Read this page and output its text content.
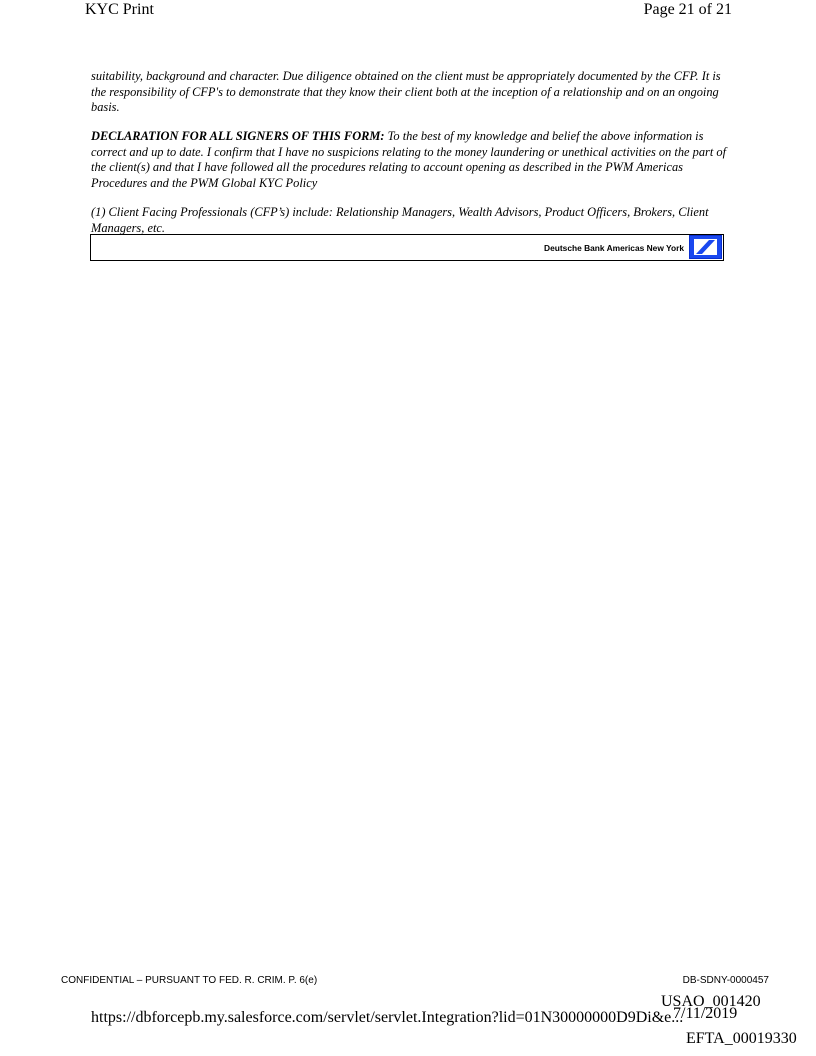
KYC Print	Page 21 of 21
suitability, background and character. Due diligence obtained on the client must be appropriately documented by the CFP. It is the responsibility of CFP's to demonstrate that they know their client both at the inception of a relationship and on an ongoing basis.
DECLARATION FOR ALL SIGNERS OF THIS FORM: To the best of my knowledge and belief the above information is correct and up to date. I confirm that I have no suspicions relating to the money laundering or unethical activities on the part of the client(s) and that I have followed all the procedures relating to account opening as described in the PWM Americas Procedures and the PWM Global KYC Policy
(1) Client Facing Professionals (CFP’s) include: Relationship Managers, Wealth Advisors, Product Officers, Brokers, Client Managers, etc.
Deutsche Bank Americas New York
CONFIDENTIAL – PURSUANT TO FED. R. CRIM. P. 6(e)	DB-SDNY-0000457
USAO_001420
https://dbforcepb.my.salesforce.com/servlet/servlet.Integration?lid=01N30000000D9Di&e...
7/11/2019
EFTA_00019330
